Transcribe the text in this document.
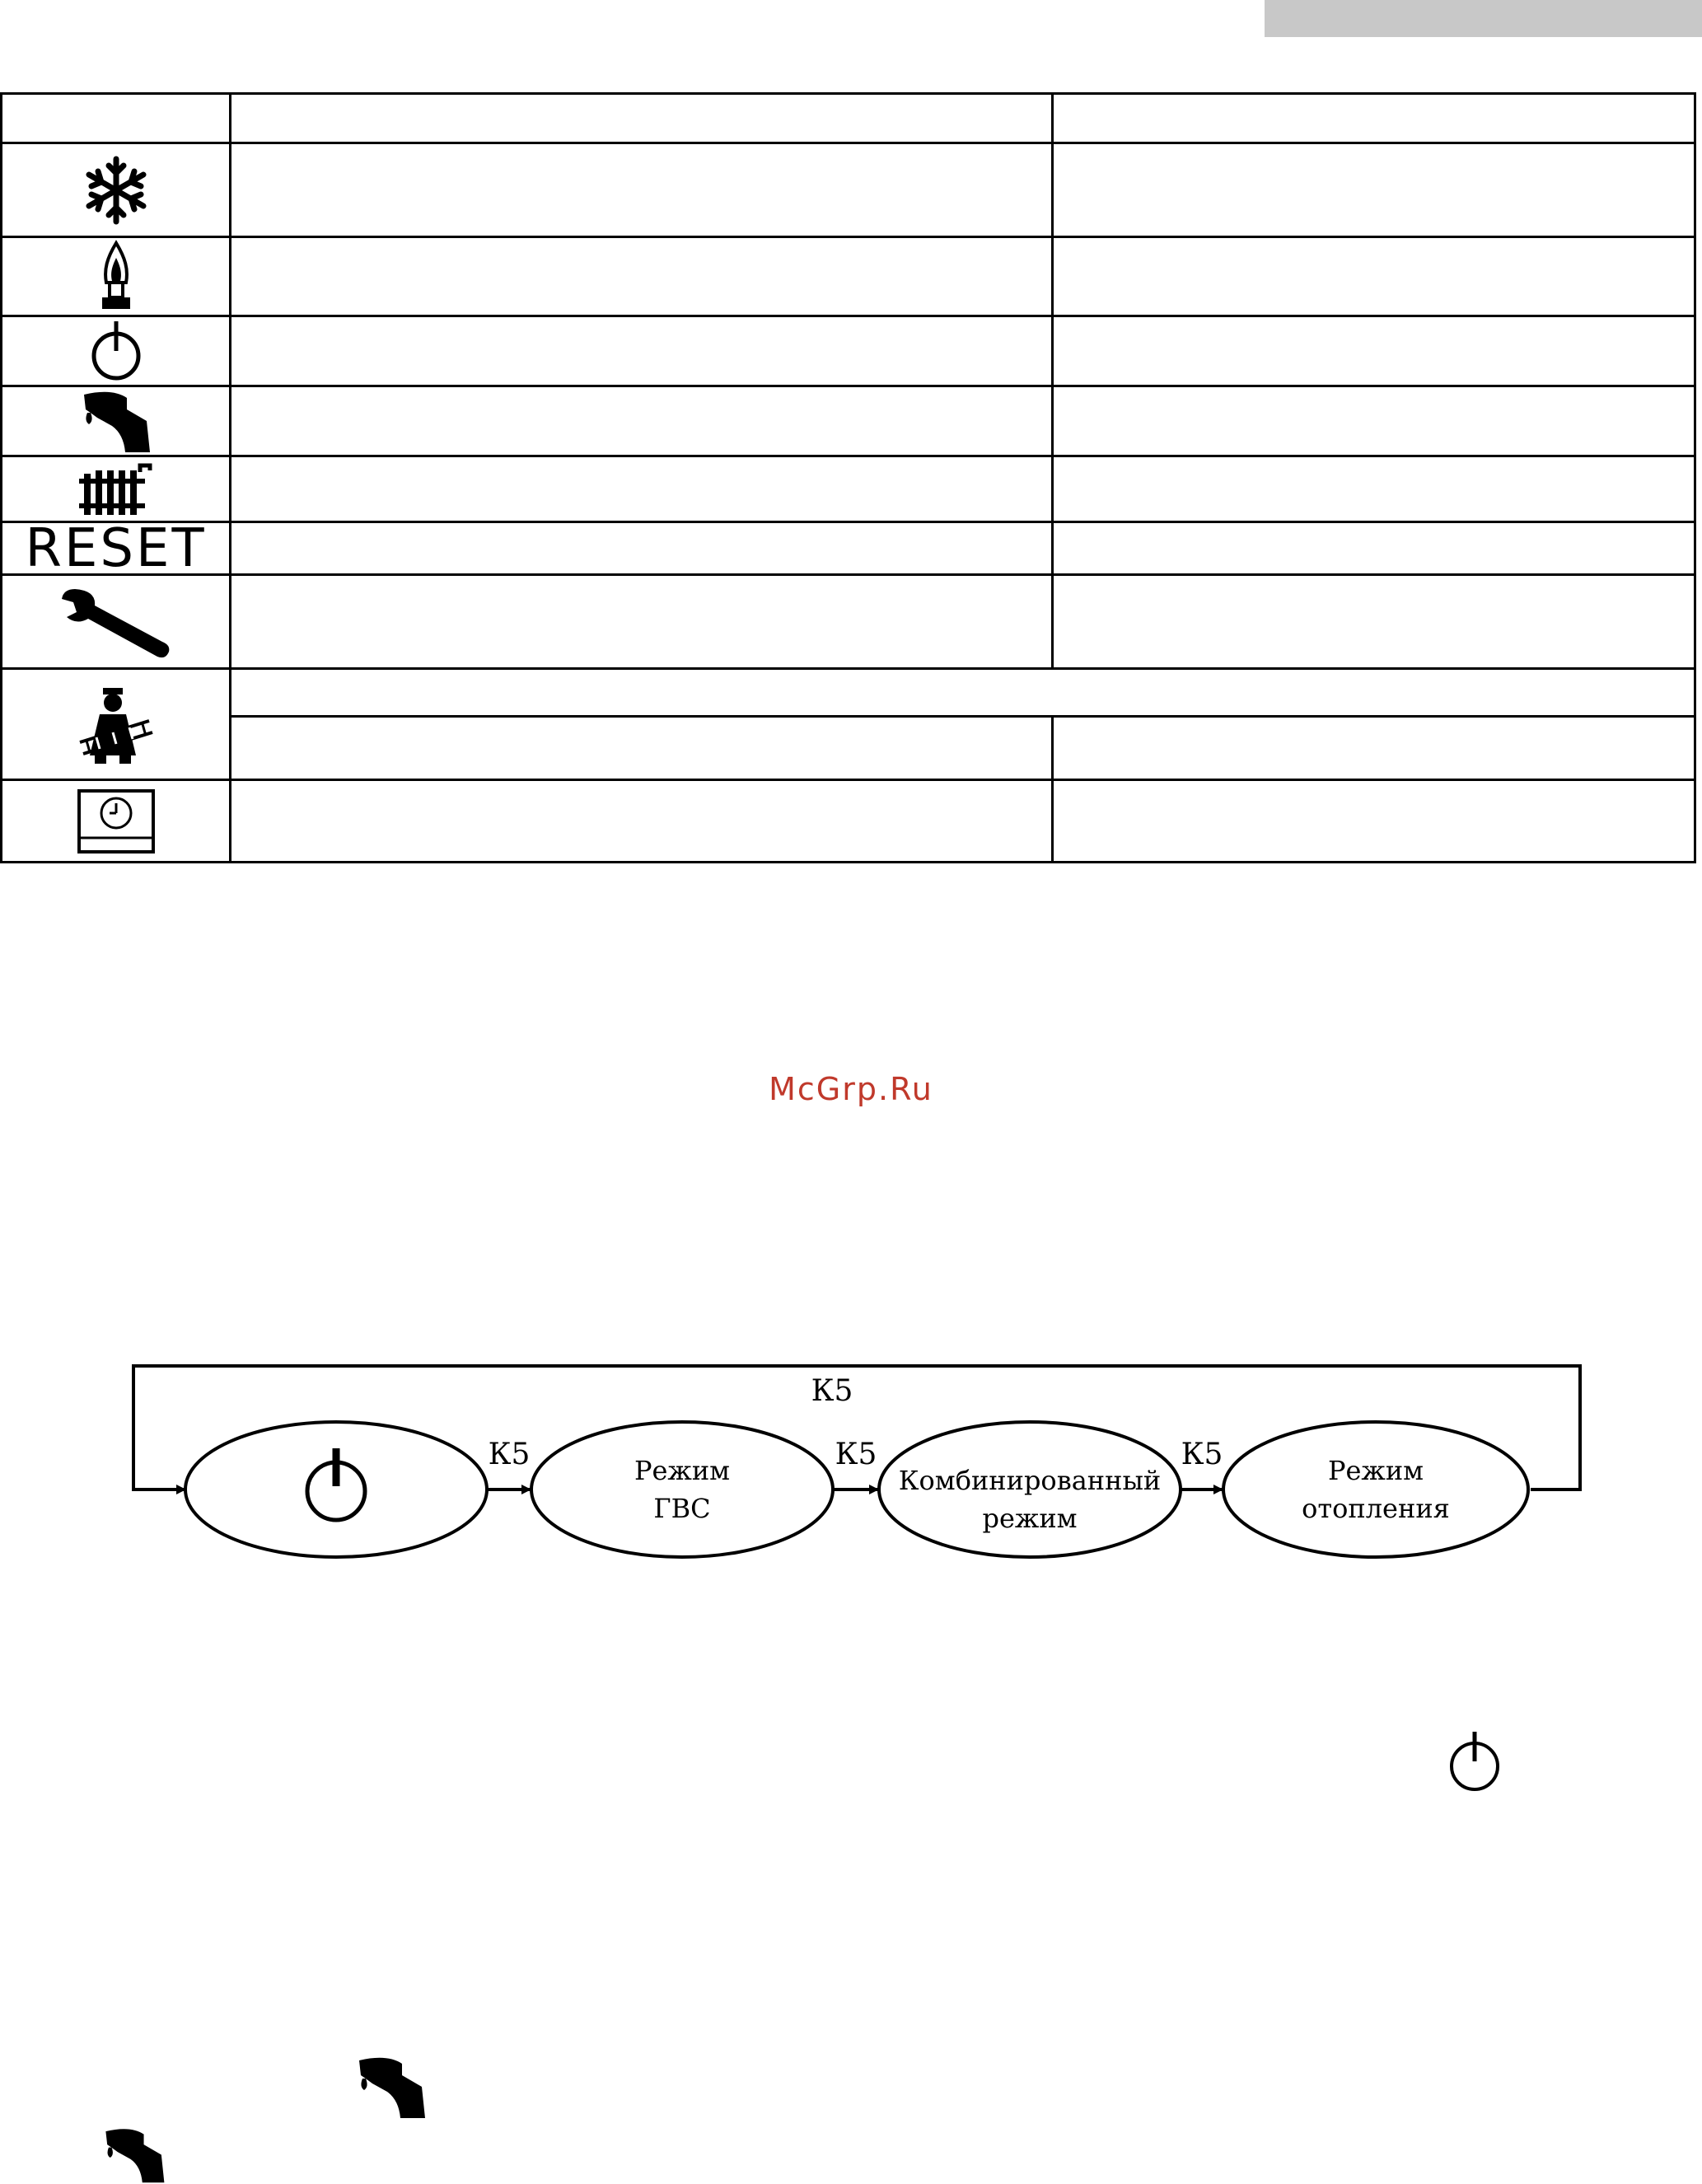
RESET		

McGrp.Ru
К5
К5	К5	К5
Режим
ГВС
Комбинированный
режим
Режим
отопления
